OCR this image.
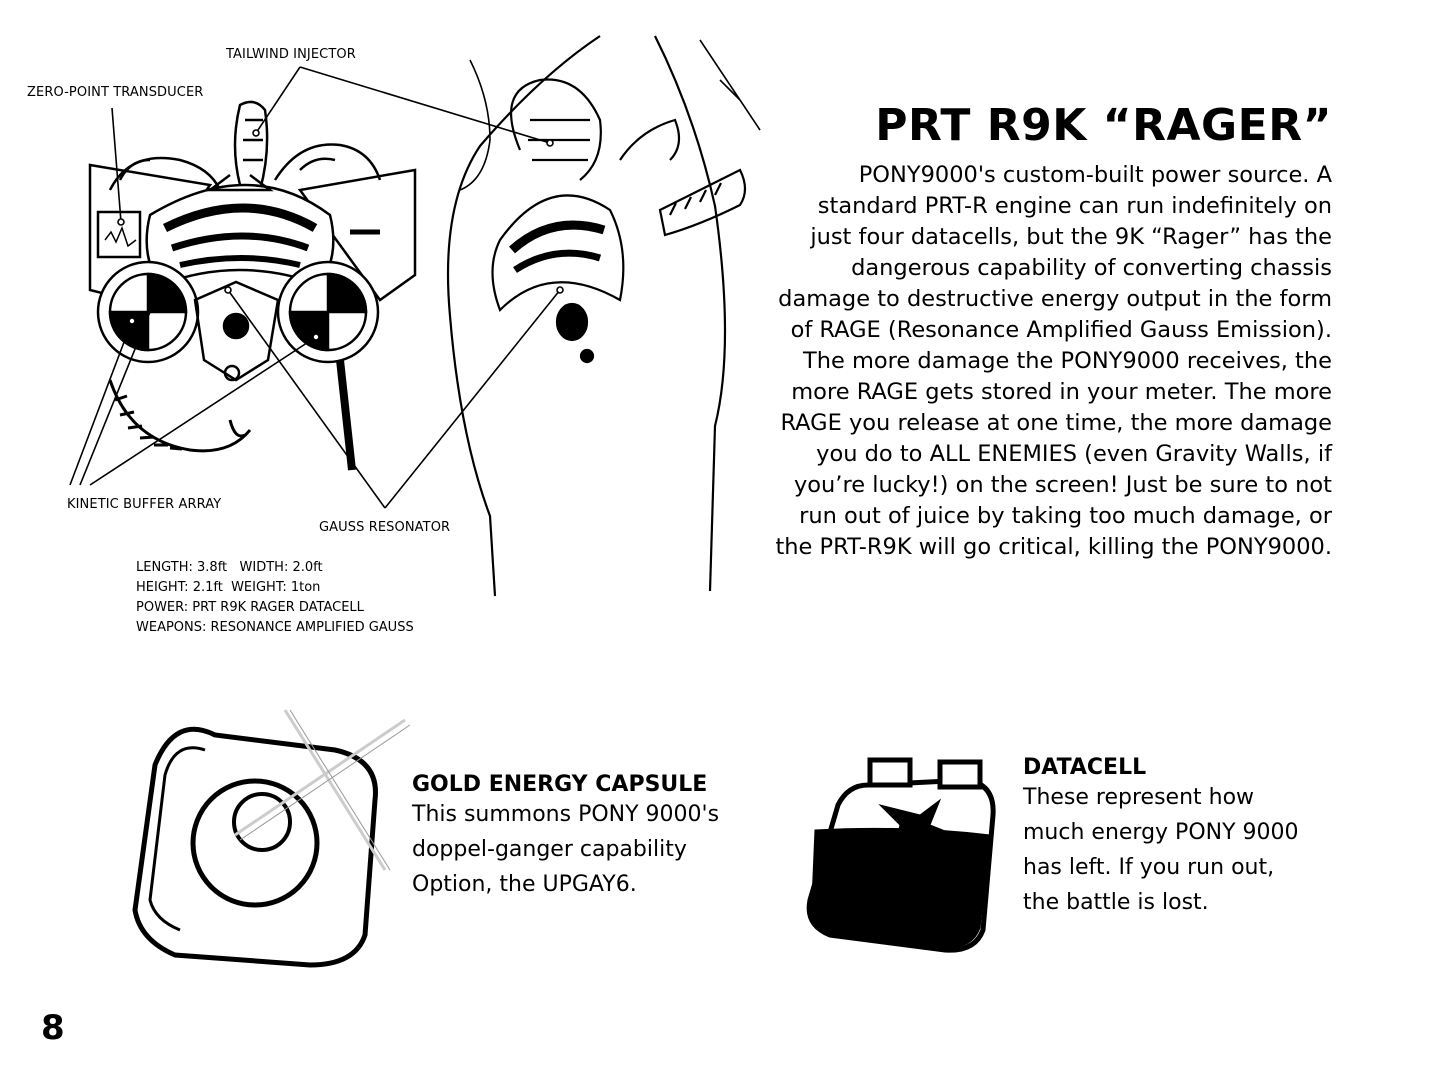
TAILWIND INJECTOR
ZERO-POINT TRANSDUCER
KINETIC BUFFER ARRAY
GAUSS RESONATOR
LENGTH: 3.8ft   WIDTH: 2.0ft
HEIGHT: 2.1ft  WEIGHT: 1ton
POWER: PRT R9K RAGER DATACELL
WEAPONS: RESONANCE AMPLIFIED GAUSS
PRT R9K “RAGER”
PONY9000's custom-built power source. A standard PRT-R engine can run indefinitely on just four datacells, but the 9K “Rager” has the dangerous capability of converting chassis damage to destructive energy output in the form of RAGE (Resonance Amplified Gauss Emission). The more damage the PONY9000 receives, the more RAGE gets stored in your meter. The more RAGE you release at one time, the more damage you do to ALL ENEMIES (even Gravity Walls, if you’re lucky!) on the screen! Just be sure to not run out of juice by taking too much damage, or the PRT-R9K will go critical, killing the PONY9000.
GOLD ENERGY CAPSULE
This summons PONY 9000's
doppel-ganger capability
Option, the UPGAY6.
DATACELL
These represent how
much energy PONY 9000
has left. If you run out,
the battle is lost.
8
